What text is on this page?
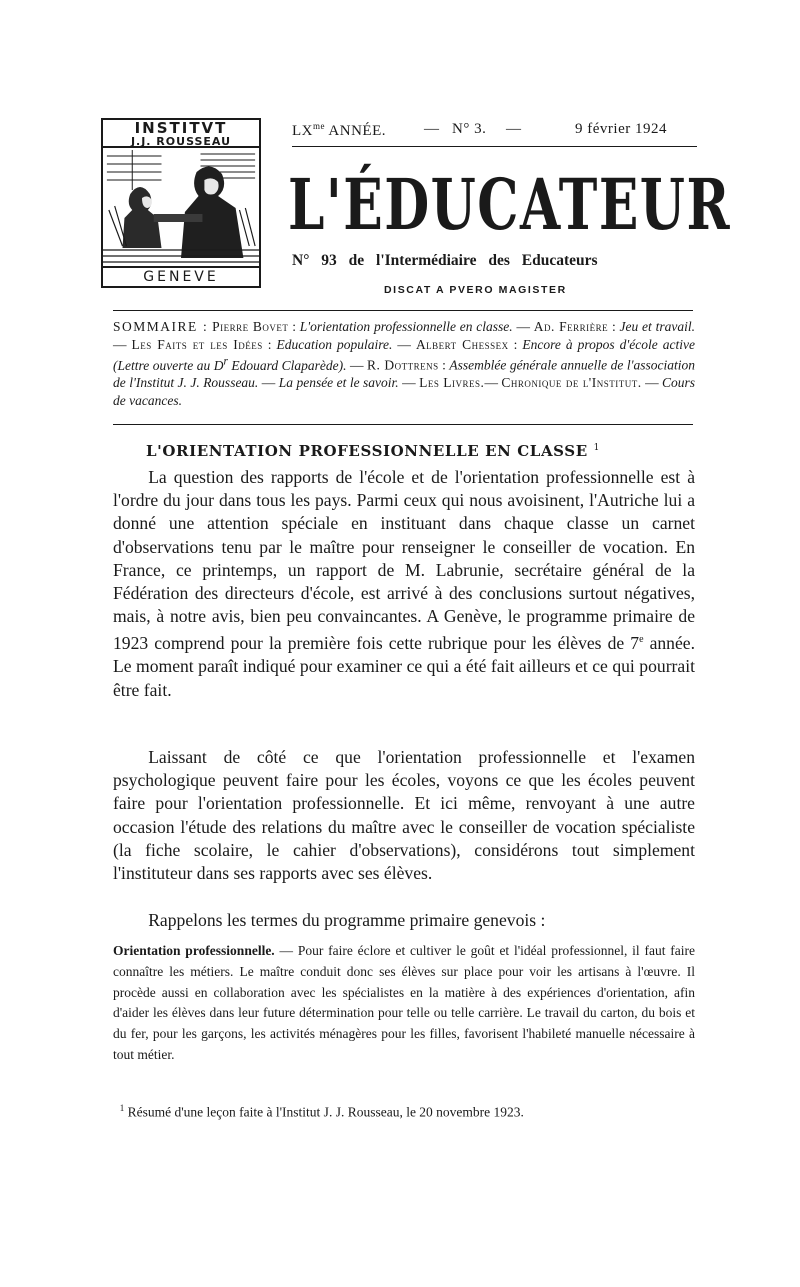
INSTITVT
J.J. ROUSSEAU
GENEVE
$LX^{me}$ ANNÉE.	— N° 3. —	9 février 1924
L'ÉDUCATEUR
N° 93 de l'Intermédiaire des Educateurs
DISCAT A PVERO MAGISTER
SOMMAIRE : Pierre Bovet : L'orientation professionnelle en classe. — Ad. Ferrière : Jeu et travail. — Les Faits et les Idées : Education populaire. — Albert Chessex : Encore à propos d'école active (Lettre ouverte au $D^r$ Edouard Claparède). — R. Dottrens : Assemblée générale annuelle de l'association de l'Institut J. J. Rousseau. — La pensée et le savoir. — Les Livres.— Chronique de l'Institut. — Cours de vacances.
L'ORIENTATION PROFESSIONNELLE EN CLASSE $^1$

La question des rapports de l'école et de l'orientation professionnelle est à l'ordre du jour dans tous les pays. Parmi ceux qui nous avoisinent, l'Autriche lui a donné une attention spéciale en instituant dans chaque classe un carnet d'observations tenu par le maître pour renseigner le conseiller de vocation. En France, ce printemps, un rapport de M. Labrunie, secrétaire général de la Fédération des directeurs d'école, est arrivé à des conclusions surtout négatives, mais, à notre avis, bien peu convaincantes. A Genève, le programme primaire de 1923 comprend pour la première fois cette rubrique pour les élèves de 7e année. Le moment paraît indiqué pour examiner ce qui a été fait ailleurs et ce qui pourrait être fait.

Laissant de côté ce que l'orientation professionnelle et l'examen psychologique peuvent faire pour les écoles, voyons ce que les écoles peuvent faire pour l'orientation professionnelle. Et ici même, renvoyant à une autre occasion l'étude des relations du maître avec le conseiller de vocation spécialiste (la fiche scolaire, le cahier d'observations), considérons tout simplement l'instituteur dans ses rapports avec ses élèves.

Rappelons les termes du programme primaire genevois :

Orientation professionnelle. — Pour faire éclore et cultiver le goût et l'idéal professionnel, il faut faire connaître les métiers. Le maître conduit donc ses élèves sur place pour voir les artisans à l'œuvre. Il procède aussi en collaboration avec les spécialistes en la matière à des expériences d'orientation, afin d'aider les élèves dans leur future détermination pour telle ou telle carrière. Le travail du carton, du bois et du fer, pour les garçons, les activités ménagères pour les filles, favorisent l'habileté manuelle nécessaire à tout métier.

$^1$ Résumé d'une leçon faite à l'Institut J. J. Rousseau, le 20 novembre 1923.
